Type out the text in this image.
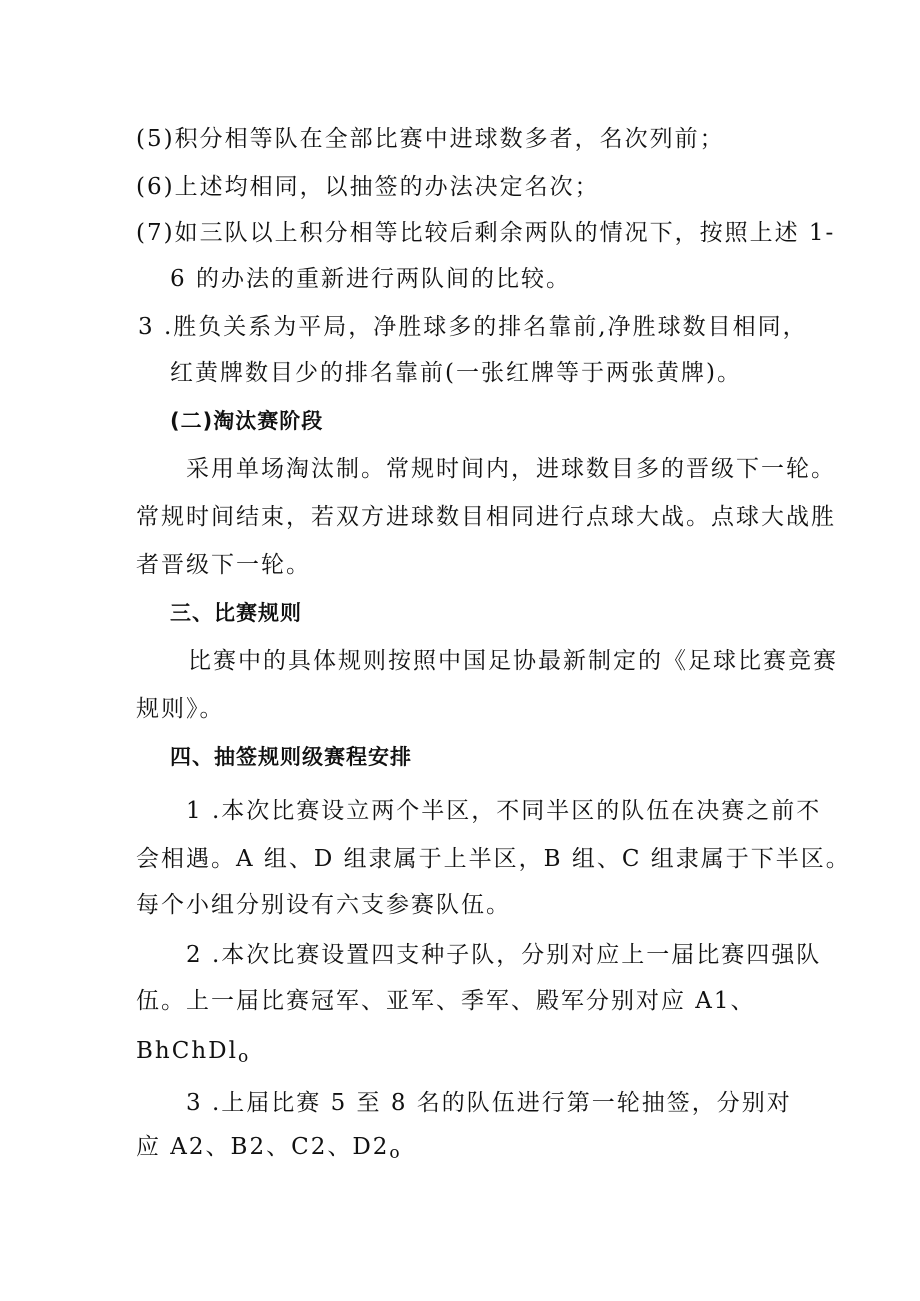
(5)积分相等队在全部比赛中进球数多者，名次列前；

(6)上述均相同，以抽签的办法决定名次；

(7)如三队以上积分相等比较后剩余两队的情况下，按照上述 1-

6 的办法的重新进行两队间的比较。

3 .胜负关系为平局，净胜球多的排名靠前,净胜球数目相同，

红黄牌数目少的排名靠前(一张红牌等于两张黄牌)。

(二)淘汰赛阶段

采用单场淘汰制。常规时间内，进球数目多的晋级下一轮。

常规时间结束，若双方进球数目相同进行点球大战。点球大战胜

者晋级下一轮。

三、比赛规则

比赛中的具体规则按照中国足协最新制定的《足球比赛竞赛

规则》。

四、抽签规则级赛程安排

1 .本次比赛设立两个半区，不同半区的队伍在决赛之前不

会相遇。A 组、D 组隶属于上半区，B 组、C 组隶属于下半区。

每个小组分别设有六支参赛队伍。

2 .本次比赛设置四支种子队，分别对应上一届比赛四强队

伍。上一届比赛冠军、亚军、季军、殿军分别对应 A1、

BhChDl$_o$

3 .上届比赛 5 至 8 名的队伍进行第一轮抽签，分别对

应 A2、B2、C2、$D2_o$
